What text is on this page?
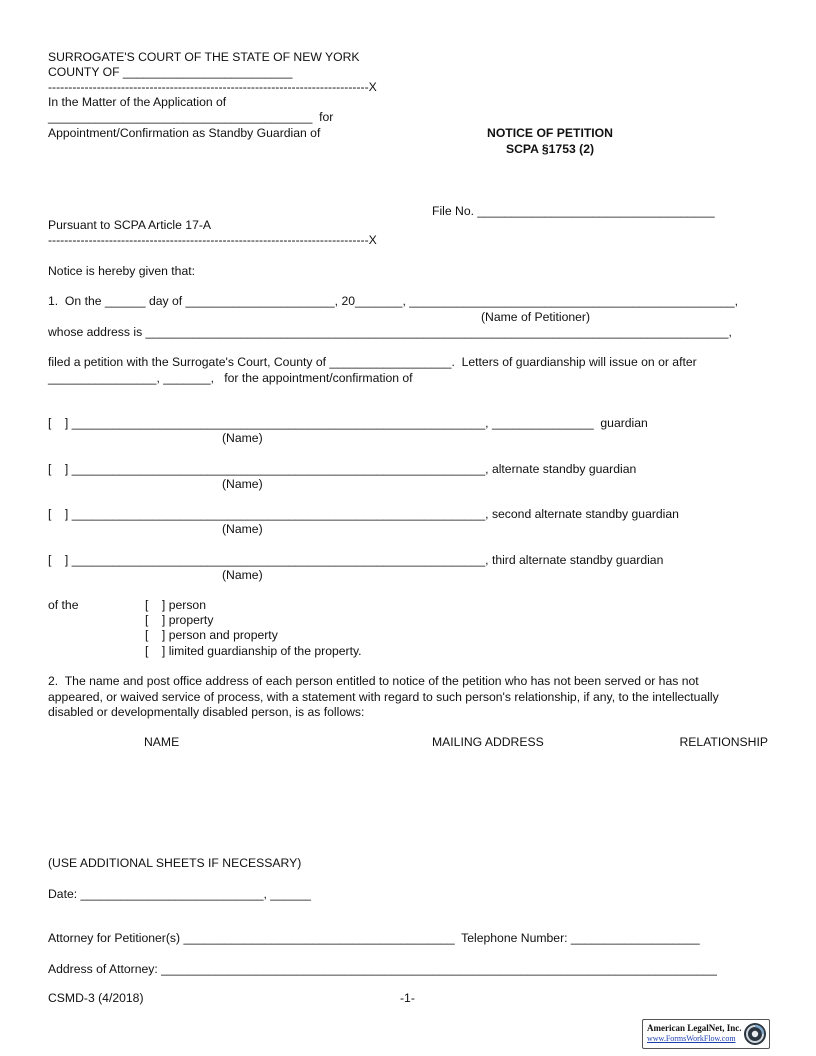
SURROGATE'S COURT OF THE STATE OF NEW YORK
COUNTY OF _________________________
-------------------------------------------------------------------------------X
In the Matter of the Application of
_______________________________________  for
Appointment/Confirmation as Standby Guardian of	NOTICE OF PETITION
SCPA §1753 (2)
File No. ___________________________________
Pursuant to SCPA Article 17-A
-------------------------------------------------------------------------------X
Notice is hereby given that:
1.  On the ______ day of ______________________, 20_______, ________________________________________________,
(Name of Petitioner)
whose address is ______________________________________________________________________________________,
filed a petition with the Surrogate's Court, County of __________________.  Letters of guardianship will issue on or after
________________, _______,   for the appointment/confirmation of
[    ] _____________________________________________________________, _______________  guardian
(Name)
[    ] _____________________________________________________________, alternate standby guardian
(Name)
[    ] _____________________________________________________________, second alternate standby guardian
(Name)
[    ] _____________________________________________________________, third alternate standby guardian
(Name)
of the	[    ] person
[    ] property
[    ] person and property
[    ] limited guardianship of the property.
2.  The name and post office address of each person entitled to notice of the petition who has not been served or has not
appeared, or waived service of process, with a statement with regard to such person's relationship, if any, to the intellectually
disabled or developmentally disabled person, is as follows:
NAME	MAILING ADDRESS	RELATIONSHIP
(USE ADDITIONAL SHEETS IF NECESSARY)
Date: ___________________________, ______
Attorney for Petitioner(s) ________________________________________  Telephone Number: ___________________
Address of Attorney: __________________________________________________________________________________
CSMD-3 (4/2018)	-1-
American LegalNet, Inc.
www.FormsWorkFlow.com
